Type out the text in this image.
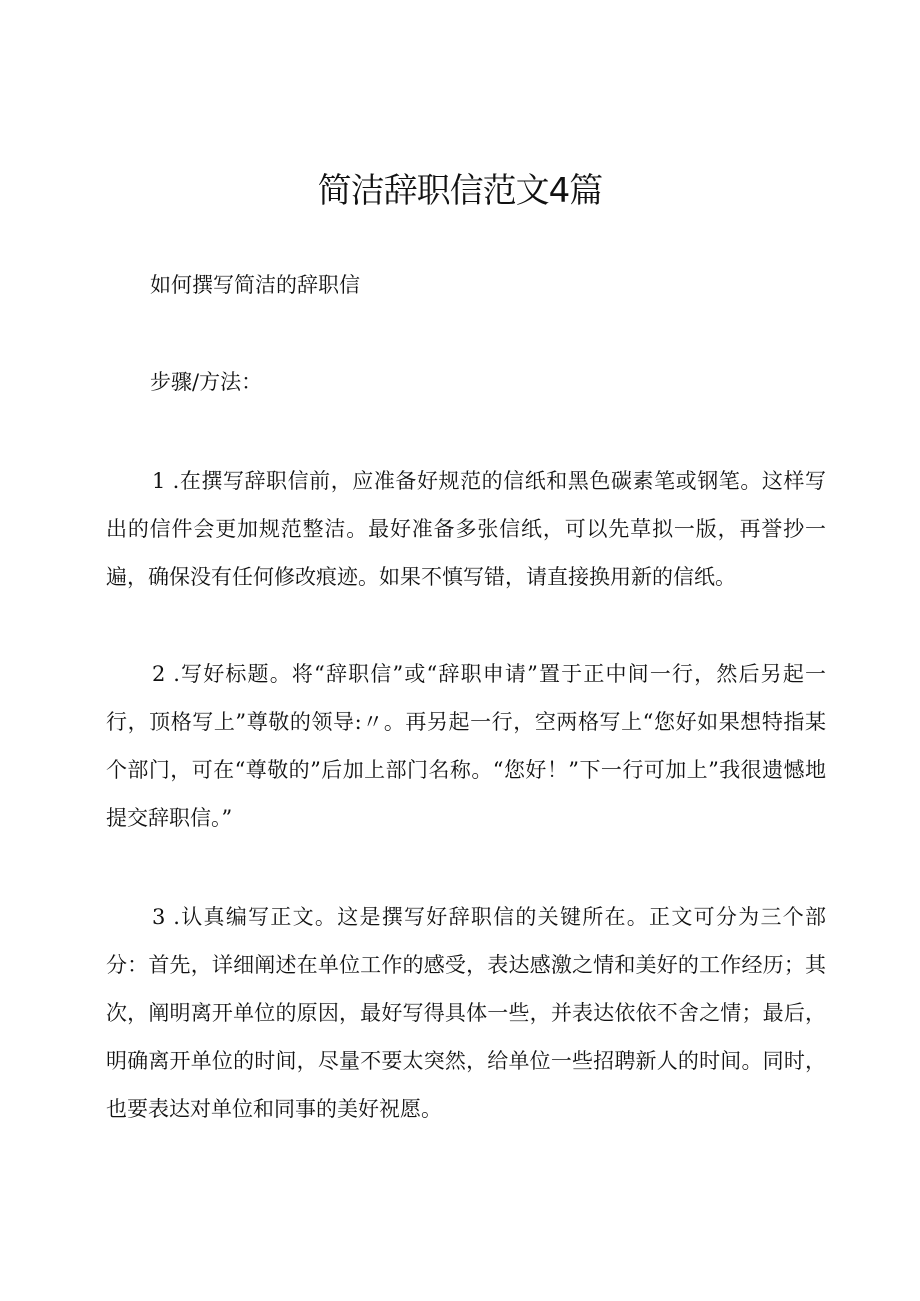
简洁辞职信范文4篇
如何撰写简洁的辞职信
步骤/方法：

1 .在撰写辞职信前，应准备好规范的信纸和黑色碳素笔或钢笔。这样写出的信件会更加规范整洁。最好准备多张信纸，可以先草拟一版，再誉抄一遍，确保没有任何修改痕迹。如果不慎写错，请直接换用新的信纸。

2 .写好标题。将“辞职信”或“辞职申请”置于正中间一行，然后另起一行，顶格写上”尊敬的领导:〃。再另起一行，空两格写上“您好如果想特指某个部门，可在“尊敬的”后加上部门名称。“您好！”下一行可加上”我很遗憾地提交辞职信。”

3 .认真编写正文。这是撰写好辞职信的关键所在。正文可分为三个部分：首先，详细阐述在单位工作的感受，表达感激之情和美好的工作经历；其次，阐明离开单位的原因，最好写得具体一些，并表达依依不舍之情；最后，明确离开单位的时间，尽量不要太突然，给单位一些招聘新人的时间。同时，也要表达对单位和同事的美好祝愿。
